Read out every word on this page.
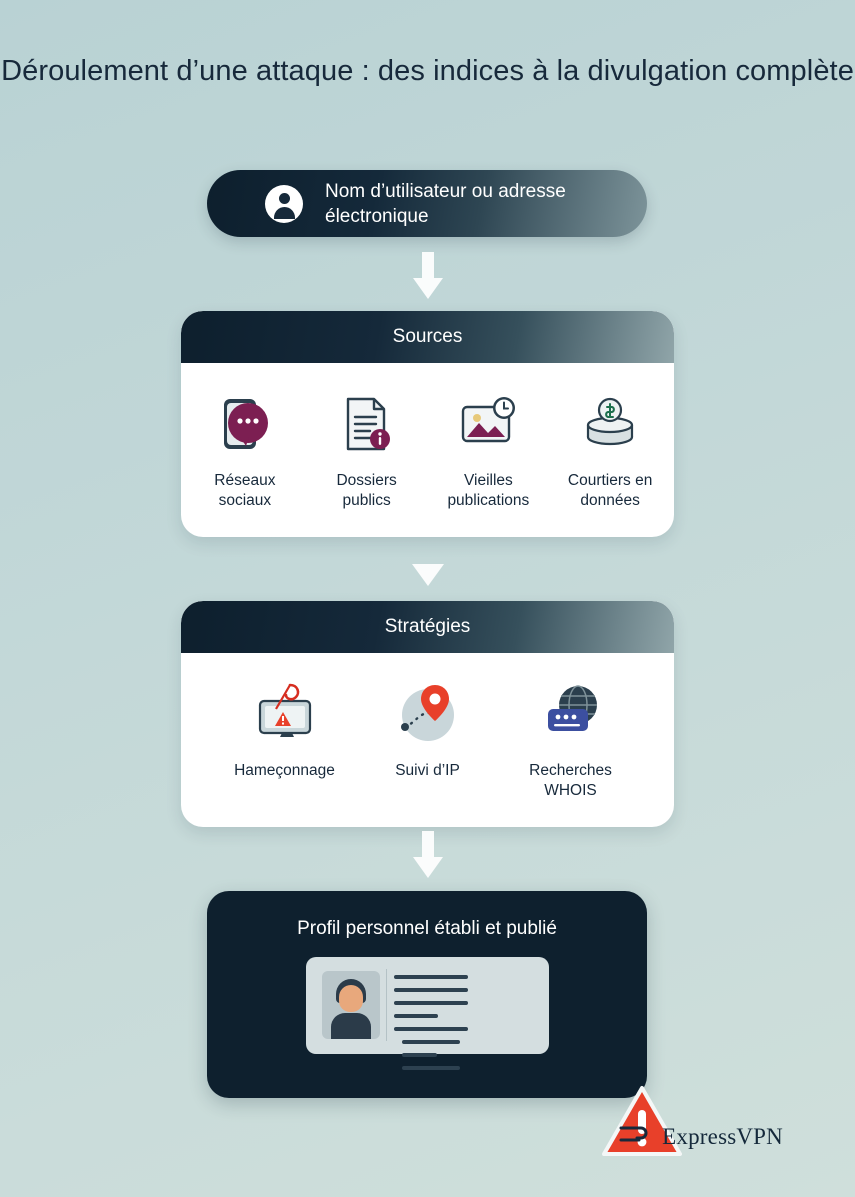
Déroulement d’une attaque : des indices à la divulgation complète
Nom d’utilisateur ou adresse électronique
Sources
Réseaux sociaux
Dossiers publics
Vieilles publications
Courtiers en données
Stratégies
Hameçonnage	Suivi d’IP	Recherches WHOIS
Profil personnel établi et publié

ExpressVPN
